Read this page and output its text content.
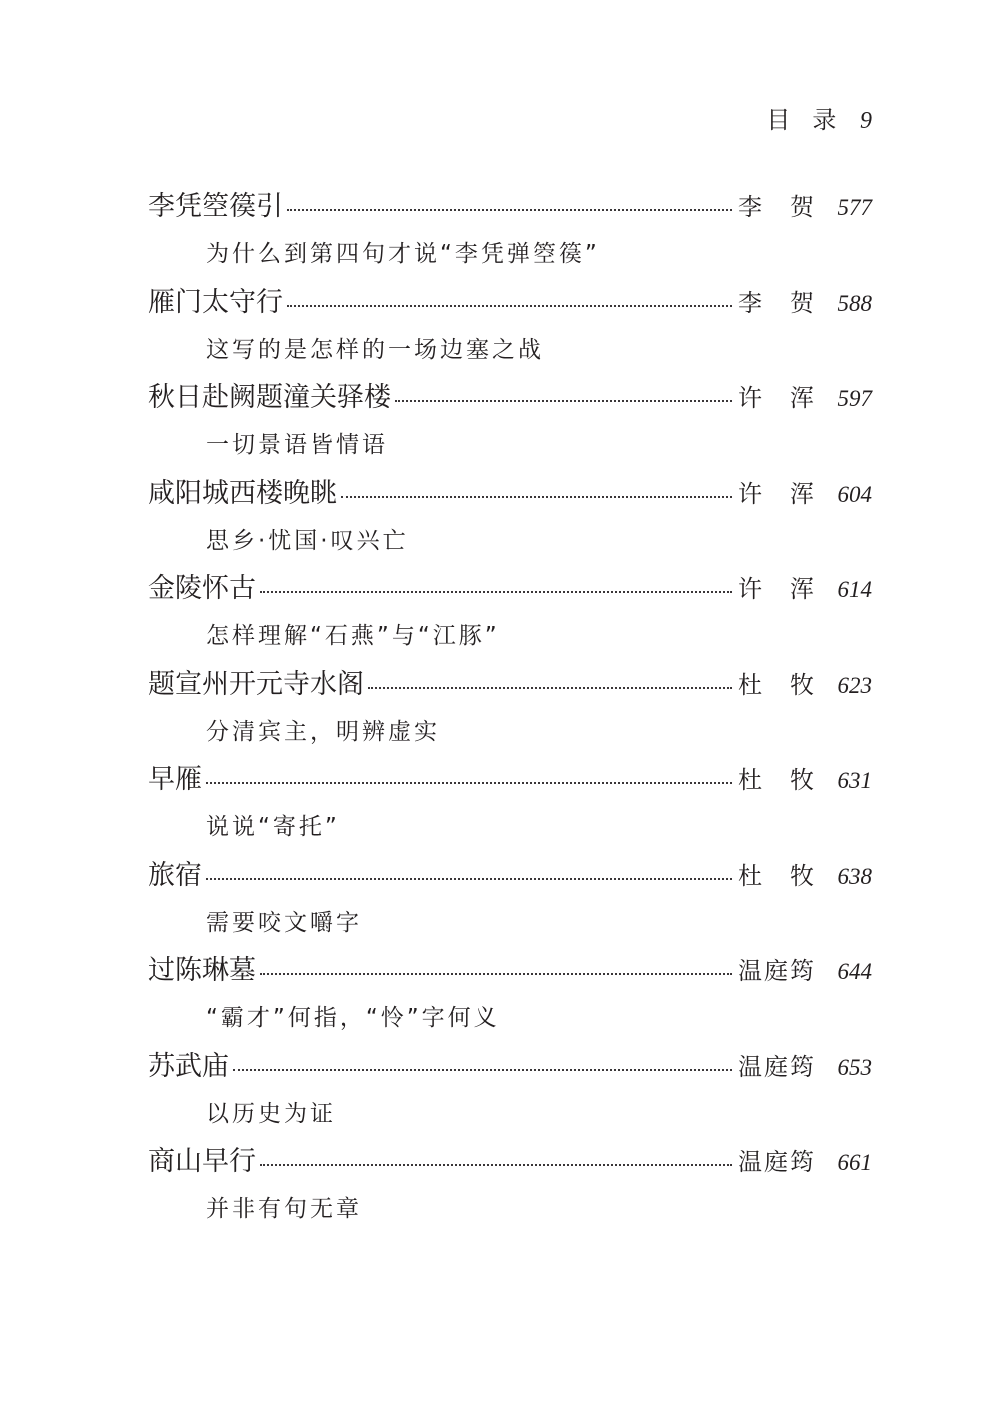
目录 9
李凭箜篌引	李贺	577
为什么到第四句才说“李凭弹箜篌”
雁门太守行	李贺	588
这写的是怎样的一场边塞之战
秋日赴阙题潼关驿楼	许浑	597
一切景语皆情语
咸阳城西楼晚眺	许浑	604
思乡·忧国·叹兴亡
金陵怀古	许浑	614
怎样理解“石燕”与“江豚”
题宣州开元寺水阁	杜牧	623
分清宾主，明辨虚实
早雁	杜牧	631
说说“寄托”
旅宿	杜牧	638
需要咬文嚼字
过陈琳墓	温庭筠	644
“霸才”何指，“怜”字何义
苏武庙	温庭筠	653
以历史为证
商山早行	温庭筠	661
并非有句无章
